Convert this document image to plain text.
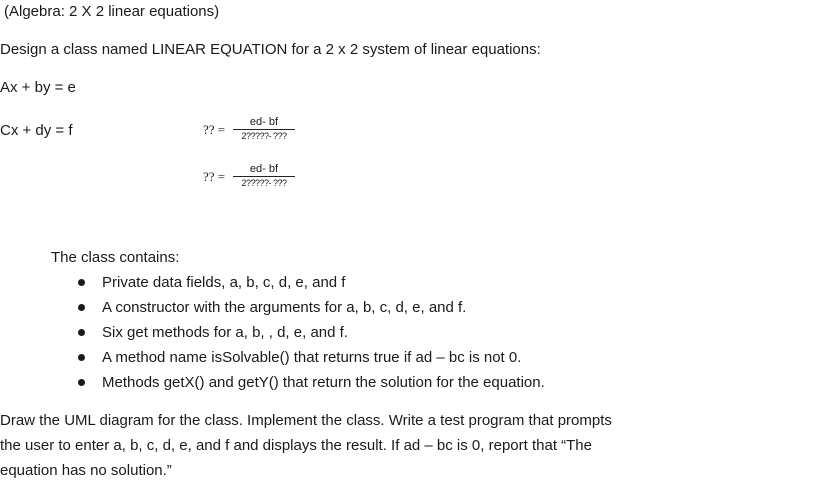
(Algebra: 2 X 2 linear equations)
Design a class named LINEAR EQUATION for a 2 x 2 system of linear equations:
Ax + by = e
Cx + dy = f	?? =	ed- bf
2?????- ???
?? =	ed- bf
2?????- ???
The class contains:
Private data fields, a, b, c, d, e, and f
A constructor with the arguments for a, b, c, d, e, and f.
Six get methods for a, b, , d, e, and f.
A method name isSolvable() that returns true if ad – bc is not 0.
Methods getX() and getY() that return the solution for the equation.
Draw the UML diagram for the class. Implement the class. Write a test program that prompts
the user to enter a, b, c, d, e, and f and displays the result. If ad – bc is 0, report that “The
equation has no solution.”
